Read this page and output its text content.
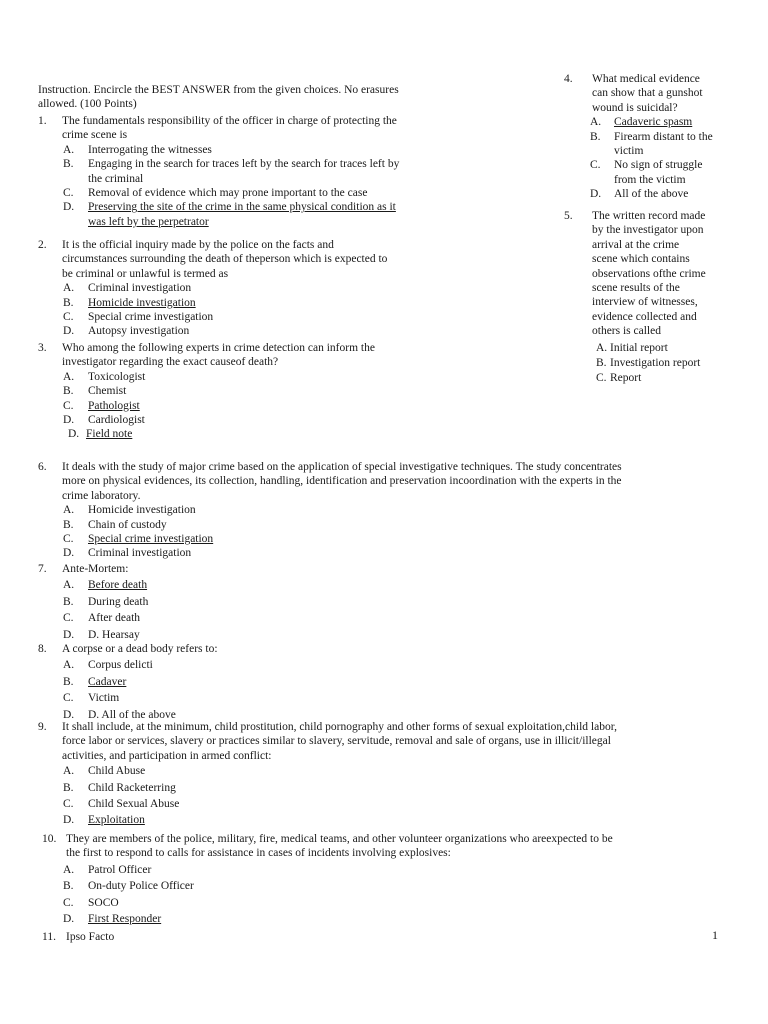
Instruction. Encircle the BEST ANSWER from the given choices. No erasures
allowed. (100 Points)
1. The fundamentals responsibility of the officer in charge of protecting the
crime scene is
A. Interrogating the witnesses
B. Engaging in the search for traces left by the search for traces left by
the criminal
C. Removal of evidence which may prone important to the case
D. Preserving the site of the crime in the same physical condition as it
was left by the perpetrator
2. It is the official inquiry made by the police on the facts and
circumstances surrounding the death of theperson which is expected to
be criminal or unlawful is termed as
A. Criminal investigation
B. Homicide investigation
C. Special crime investigation
D. Autopsy investigation
3. Who among the following experts in crime detection can inform the
investigator regarding the exact causeof death?
A. Toxicologist
B. Chemist
C. Pathologist
D. Cardiologist
D. Field note
4. What medical evidence
can show that a gunshot
wound is suicidal?
A. Cadaveric spasm
B. Firearm distant to the
victim
C. No sign of struggle
from the victim
D. All of the above
5. The written record made
by the investigator upon
arrival at the crime
scene which contains
observations ofthe crime
scene results of the
interview of witnesses,
evidence collected and
others is called
A. Initial report
B. Investigation report
C. Report
6. It deals with the study of major crime based on the application of special investigative techniques. The study concentrates
more on physical evidences, its collection, handling, identification and preservation incoordination with the experts in the
crime laboratory.
A. Homicide investigation
B. Chain of custody
C. Special crime investigation
D. Criminal investigation
7. Ante-Mortem:
A. Before death
B. During death
C. After death
D. D. Hearsay
8. A corpse or a dead body refers to:
A. Corpus delicti
B. Cadaver
C. Victim
D. D. All of the above
9. It shall include, at the minimum, child prostitution, child pornography and other forms of sexual exploitation,child labor,
force labor or services, slavery or practices similar to slavery, servitude, removal and sale of organs, use in illicit/illegal
activities, and participation in armed conflict:
A. Child Abuse
B. Child Racketerring
C. Child Sexual Abuse
D. Exploitation
10. They are members of the police, military, fire, medical teams, and other volunteer organizations who areexpected to be
the first to respond to calls for assistance in cases of incidents involving explosives:
A. Patrol Officer
B. On-duty Police Officer
C. SOCO
D. First Responder
11. Ipso Facto	1
